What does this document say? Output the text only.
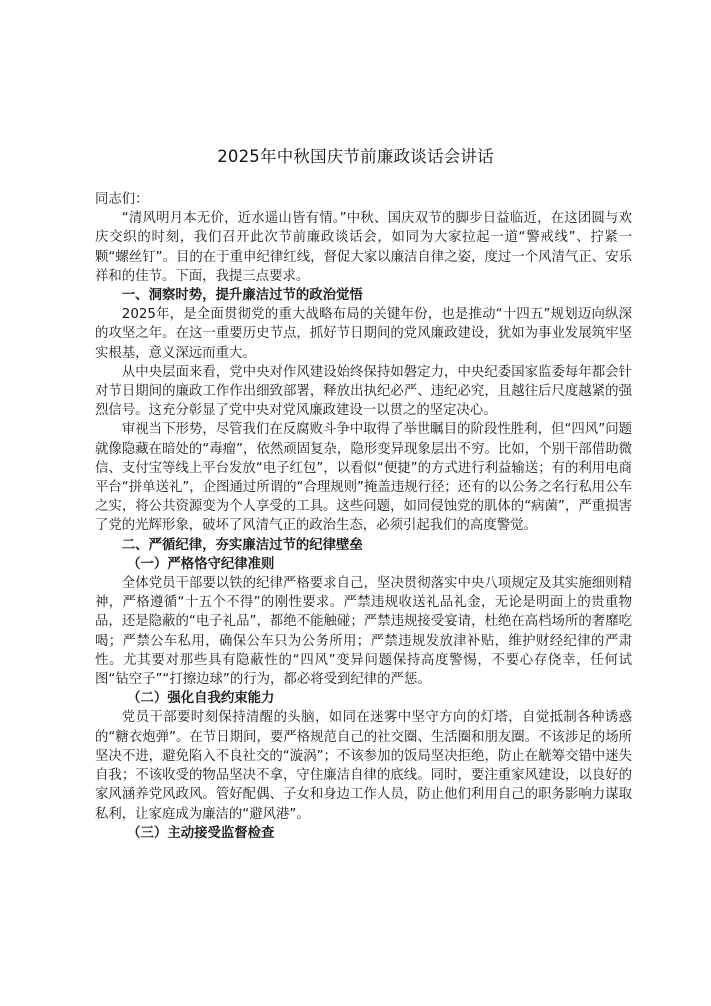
2025年中秋国庆节前廉政谈话会讲话

同志们：

“清风明月本无价，近水遥山皆有情。”中秋、国庆双节的脚步日益临近，在这团圆与欢庆交织的时刻，我们召开此次节前廉政谈话会，如同为大家拉起一道“警戒线”、拧紧一颗“螺丝钉”。目的在于重申纪律红线，督促大家以廉洁自律之姿，度过一个风清气正、安乐祥和的佳节。下面，我提三点要求。

一、洞察时势，提升廉洁过节的政治觉悟

2025年，是全面贯彻党的重大战略布局的关键年份，也是推动“十四五”规划迈向纵深的攻坚之年。在这一重要历史节点，抓好节日期间的党风廉政建设，犹如为事业发展筑牢坚实根基，意义深远而重大。

从中央层面来看，党中央对作风建设始终保持如磐定力，中央纪委国家监委每年都会针对节日期间的廉政工作作出细致部署，释放出执纪必严、违纪必究，且越往后尺度越紧的强烈信号。这充分彰显了党中央对党风廉政建设一以贯之的坚定决心。

审视当下形势，尽管我们在反腐败斗争中取得了举世瞩目的阶段性胜利，但“四风”问题就像隐藏在暗处的“毒瘤”，依然顽固复杂，隐形变异现象层出不穷。比如，个别干部借助微信、支付宝等线上平台发放“电子红包”，以看似“便捷”的方式进行利益输送；有的利用电商平台“拼单送礼”，企图通过所谓的“合理规则”掩盖违规行径；还有的以公务之名行私用公车之实，将公共资源变为个人享受的工具。这些问题，如同侵蚀党的肌体的“病菌”，严重损害了党的光辉形象，破坏了风清气正的政治生态，必须引起我们的高度警觉。

二、严循纪律，夯实廉洁过节的纪律壁垒

（一）严格恪守纪律准则

全体党员干部要以铁的纪律严格要求自己，坚决贯彻落实中央八项规定及其实施细则精神，严格遵循“十五个不得”的刚性要求。严禁违规收送礼品礼金，无论是明面上的贵重物品，还是隐蔽的“电子礼品”，都绝不能触碰；严禁违规接受宴请，杜绝在高档场所的奢靡吃喝；严禁公车私用，确保公车只为公务所用；严禁违规发放津补贴，维护财经纪律的严肃性。尤其要对那些具有隐蔽性的“四风”变异问题保持高度警惕，不要心存侥幸，任何试图“钻空子”“打擦边球”的行为，都必将受到纪律的严惩。

（二）强化自我约束能力

党员干部要时刻保持清醒的头脑，如同在迷雾中坚守方向的灯塔，自觉抵制各种诱惑的“糖衣炮弹”。在节日期间，要严格规范自己的社交圈、生活圈和朋友圈。不该涉足的场所坚决不进，避免陷入不良社交的“漩涡”；不该参加的饭局坚决拒绝，防止在觥筹交错中迷失自我；不该收受的物品坚决不拿，守住廉洁自律的底线。同时，要注重家风建设，以良好的家风涵养党风政风。管好配偶、子女和身边工作人员，防止他们利用自己的职务影响力谋取私利，让家庭成为廉洁的“避风港”。

（三）主动接受监督检查
